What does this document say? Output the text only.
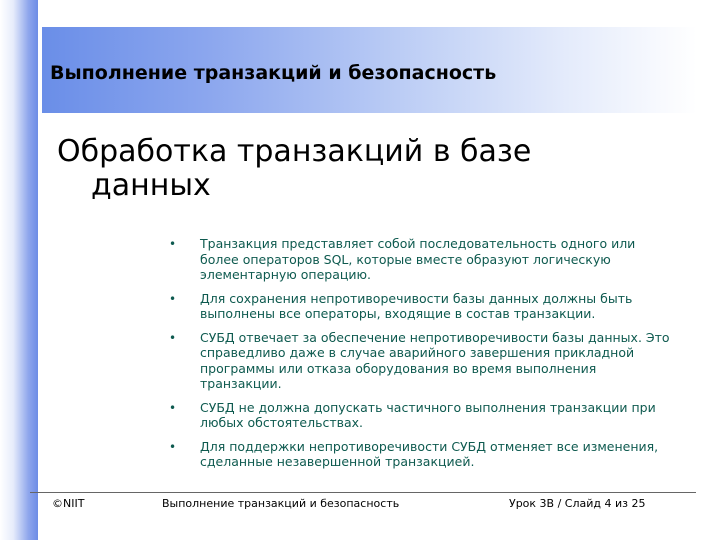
Выполнение транзакций и безопасность
Обработка транзакций в базе данных
• Транзакция представляет собой последовательность одного или более операторов SQL, которые вместе образуют логическую элементарную операцию.
• Для сохранения непротиворечивости базы данных должны быть выполнены все операторы, входящие в состав транзакции.
• СУБД отвечает за обеспечение непротиворечивости базы данных. Это справедливо даже в случае аварийного завершения прикладной программы или отказа оборудования во время выполнения транзакции.
• СУБД не должна допускать частичного выполнения транзакции при любых обстоятельствах.
• Для поддержки непротиворечивости СУБД отменяет все изменения, сделанные незавершенной транзакцией.
©NIIT	Выполнение транзакций и безопасность	Урок 3B / Слайд 4 из 25
